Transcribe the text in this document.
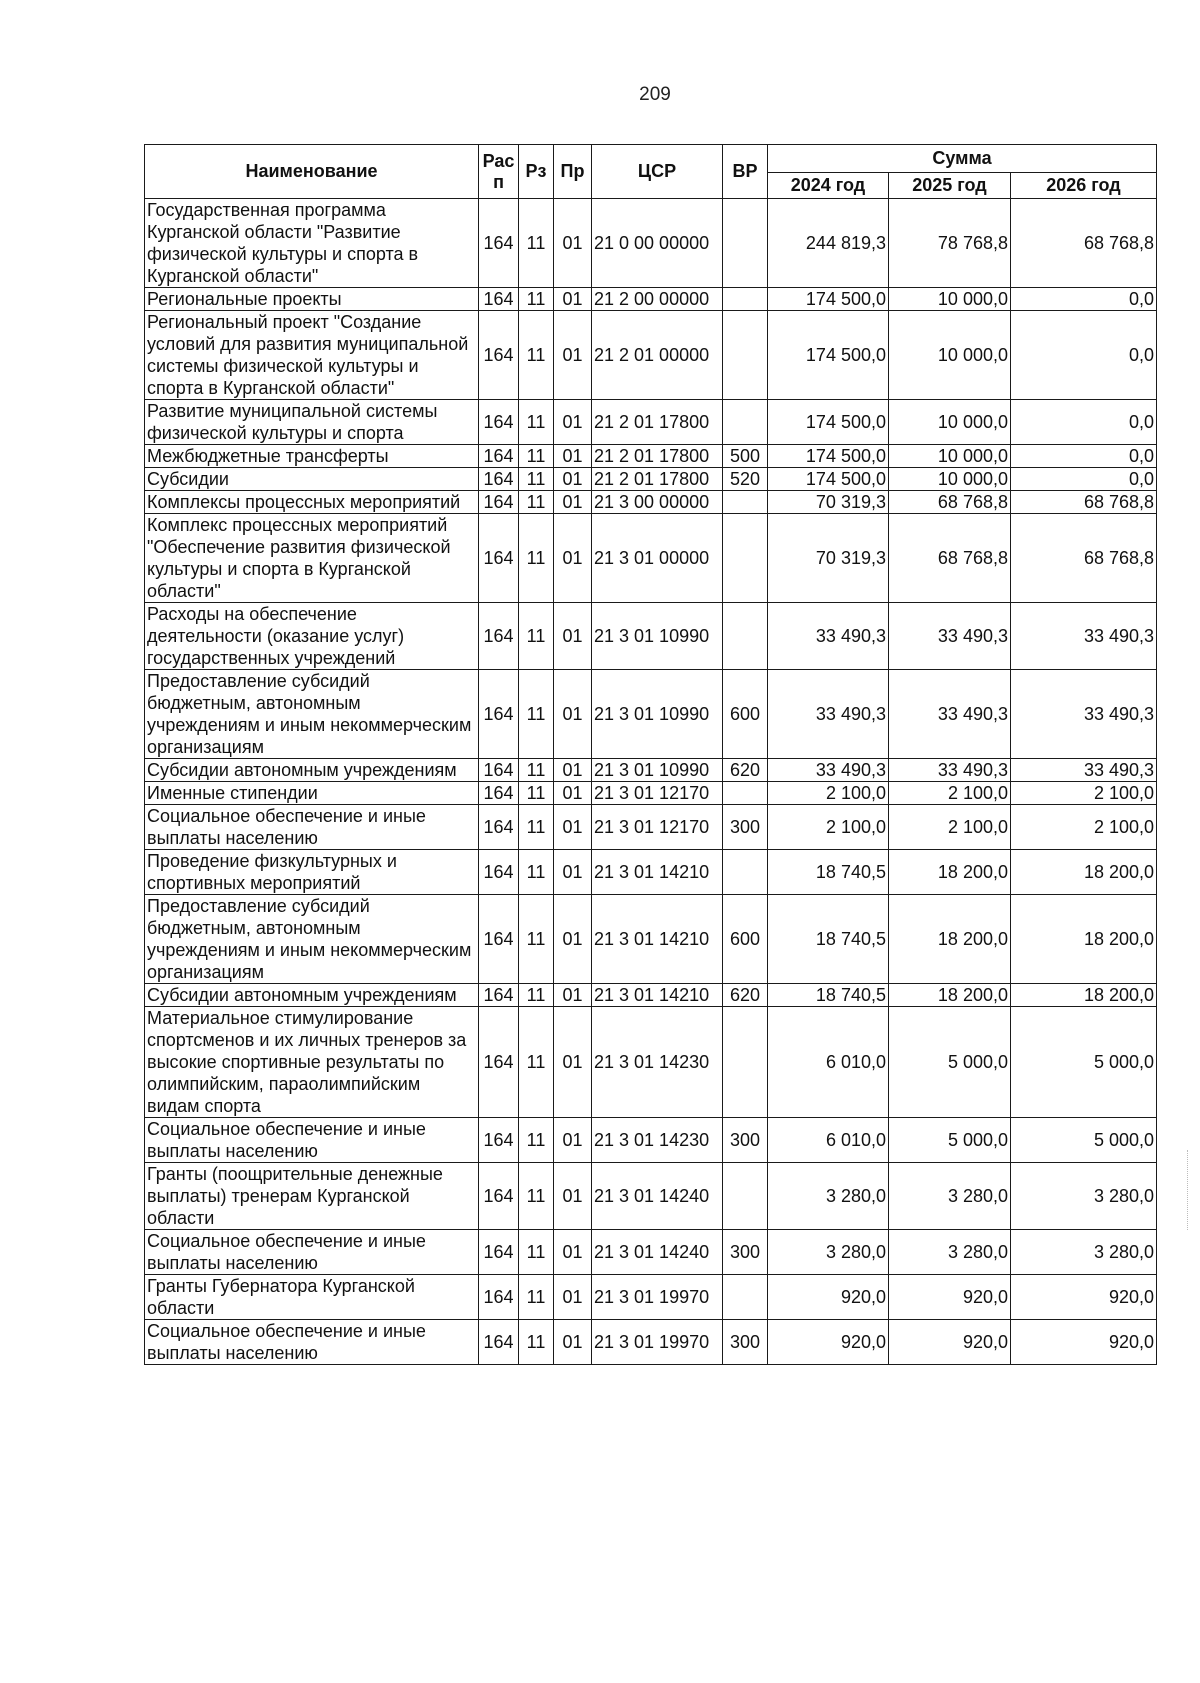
209
Наименование	Рас п	Рз	Пр	ЦСР	ВР	Сумма		
						2024 год	2025 год	2026 год
Государственная программа Курганской области "Развитие физической культуры и спорта в Курганской области"	164	11	01	21 0 00 00000		244 819,3	78 768,8	68 768,8
Региональные проекты	164	11	01	21 2 00 00000		174 500,0	10 000,0	0,0
Региональный проект "Создание условий для развития муниципальной системы физической культуры и спорта в Курганской области"	164	11	01	21 2 01 00000		174 500,0	10 000,0	0,0
Развитие муниципальной системы физической культуры и спорта	164	11	01	21 2 01 17800		174 500,0	10 000,0	0,0
Межбюджетные трансферты	164	11	01	21 2 01 17800	500	174 500,0	10 000,0	0,0
Субсидии	164	11	01	21 2 01 17800	520	174 500,0	10 000,0	0,0
Комплексы процессных мероприятий	164	11	01	21 3 00 00000		70 319,3	68 768,8	68 768,8
Комплекс процессных мероприятий "Обеспечение развития физической культуры и спорта в Курганской области"	164	11	01	21 3 01 00000		70 319,3	68 768,8	68 768,8
Расходы на обеспечение деятельности (оказание услуг) государственных учреждений	164	11	01	21 3 01 10990		33 490,3	33 490,3	33 490,3
Предоставление субсидий бюджетным, автономным учреждениям и иным некоммерческим организациям	164	11	01	21 3 01 10990	600	33 490,3	33 490,3	33 490,3
Субсидии автономным учреждениям	164	11	01	21 3 01 10990	620	33 490,3	33 490,3	33 490,3
Именные стипендии	164	11	01	21 3 01 12170		2 100,0	2 100,0	2 100,0
Социальное обеспечение и иные выплаты населению	164	11	01	21 3 01 12170	300	2 100,0	2 100,0	2 100,0
Проведение физкультурных и спортивных мероприятий	164	11	01	21 3 01 14210		18 740,5	18 200,0	18 200,0
Предоставление субсидий бюджетным, автономным учреждениям и иным некоммерческим организациям	164	11	01	21 3 01 14210	600	18 740,5	18 200,0	18 200,0
Субсидии автономным учреждениям	164	11	01	21 3 01 14210	620	18 740,5	18 200,0	18 200,0
Материальное стимулирование спортсменов и их личных тренеров за высокие спортивные результаты по олимпийским, параолимпийским видам спорта	164	11	01	21 3 01 14230		6 010,0	5 000,0	5 000,0
Социальное обеспечение и иные выплаты населению	164	11	01	21 3 01 14230	300	6 010,0	5 000,0	5 000,0
Гранты (поощрительные денежные выплаты) тренерам Курганской области	164	11	01	21 3 01 14240		3 280,0	3 280,0	3 280,0
Социальное обеспечение и иные выплаты населению	164	11	01	21 3 01 14240	300	3 280,0	3 280,0	3 280,0
Гранты Губернатора Курганской области	164	11	01	21 3 01 19970		920,0	920,0	920,0
Социальное обеспечение и иные выплаты населению	164	11	01	21 3 01 19970	300	920,0	920,0	920,0
